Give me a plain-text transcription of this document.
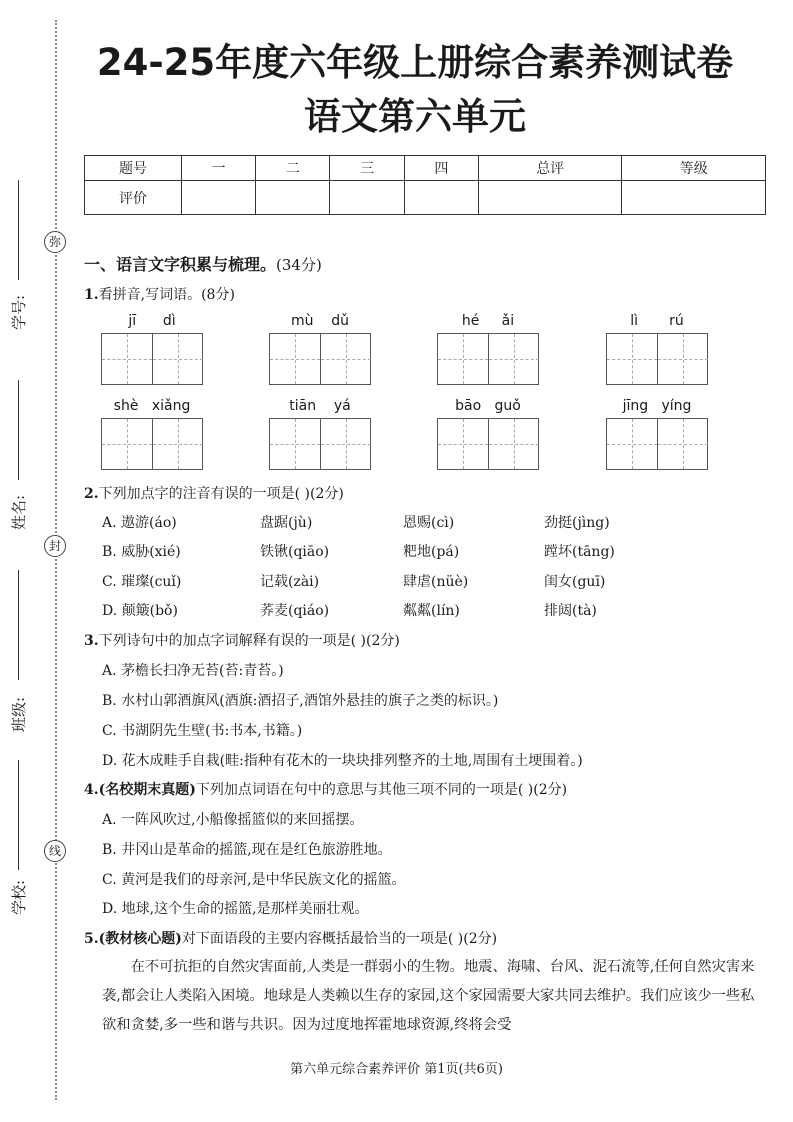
弥
封
线
学号:
姓名:
班级:
学校:
24-25年度六年级上册综合素养测试卷
语文第六单元
题号	一	二	三	四	总评	等级
评价						
一、语言文字积累与梳理。(34分)
1.看拼音,写词语。(8分)
jī dì	mù dǔ	hé ǎi	lì rú
shè xiǎng	tiān yá	bāo guǒ	jīng yíng
2.下列加点字的注音有误的一项是( )(2分)
A. 遨游(áo)	盘踞(jù)	恩赐(cì)	劲挺(jìng)
B. 威胁(xié)	铁锹(qiāo)	粑地(pá)	蹚坏(tāng)
C. 璀璨(cuǐ)	记载(zài)	肆虐(nüè)	闺女(guī)
D. 颠簸(bǒ)	荞麦(qiáo)	粼粼(lín)	排闼(tà)
3.下列诗句中的加点字词解释有误的一项是( )(2分)
A. 茅檐长扫净无苔(苔:青苔。)
B. 水村山郭酒旗风(酒旗:酒招子,酒馆外悬挂的旗子之类的标识。)
C. 书湖阴先生壁(书:书本,书籍。)
D. 花木成畦手自栽(畦:指种有花木的一块块排列整齐的土地,周围有土埂围着。)
4.(名校期末真题)下列加点词语在句中的意思与其他三项不同的一项是( )(2分)
A. 一阵风吹过,小船像摇篮似的来回摇摆。
B. 井冈山是革命的摇篮,现在是红色旅游胜地。
C. 黄河是我们的母亲河,是中华民族文化的摇篮。
D. 地球,这个生命的摇篮,是那样美丽壮观。
5.(教材核心题)对下面语段的主要内容概括最恰当的一项是( )(2分)
在不可抗拒的自然灾害面前,人类是一群弱小的生物。地震、海啸、台风、泥石流等,任何自然灾害来袭,都会让人类陷入困境。地球是人类赖以生存的家园,这个家园需要大家共同去维护。我们应该少一些私欲和贪婪,多一些和谐与共识。因为过度地挥霍地球资源,终将会受
第六单元综合素养评价 第1页(共6页)
